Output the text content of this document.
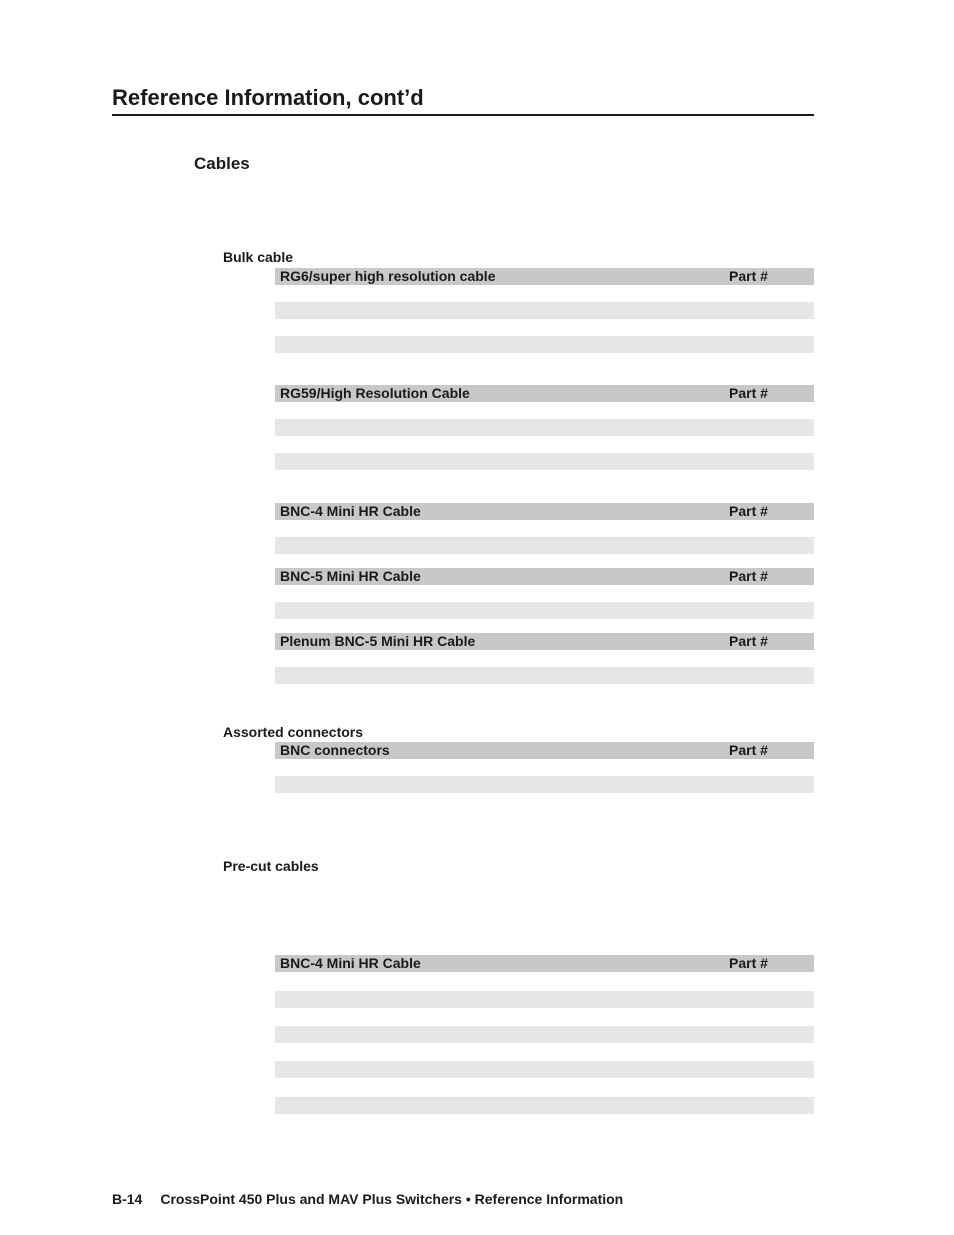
Reference Information, cont’d
Cables
Bulk cable
RG6/super high resolution cable	Part #
RG59/High Resolution Cable	Part #
BNC-4 Mini HR Cable	Part #
BNC-5 Mini HR Cable	Part #
Plenum BNC-5 Mini HR Cable	Part #
Assorted connectors
BNC connectors	Part #
Pre-cut cables
BNC-4 Mini HR Cable	Part #
B-14 CrossPoint 450 Plus and MAV Plus Switchers • Reference Information
